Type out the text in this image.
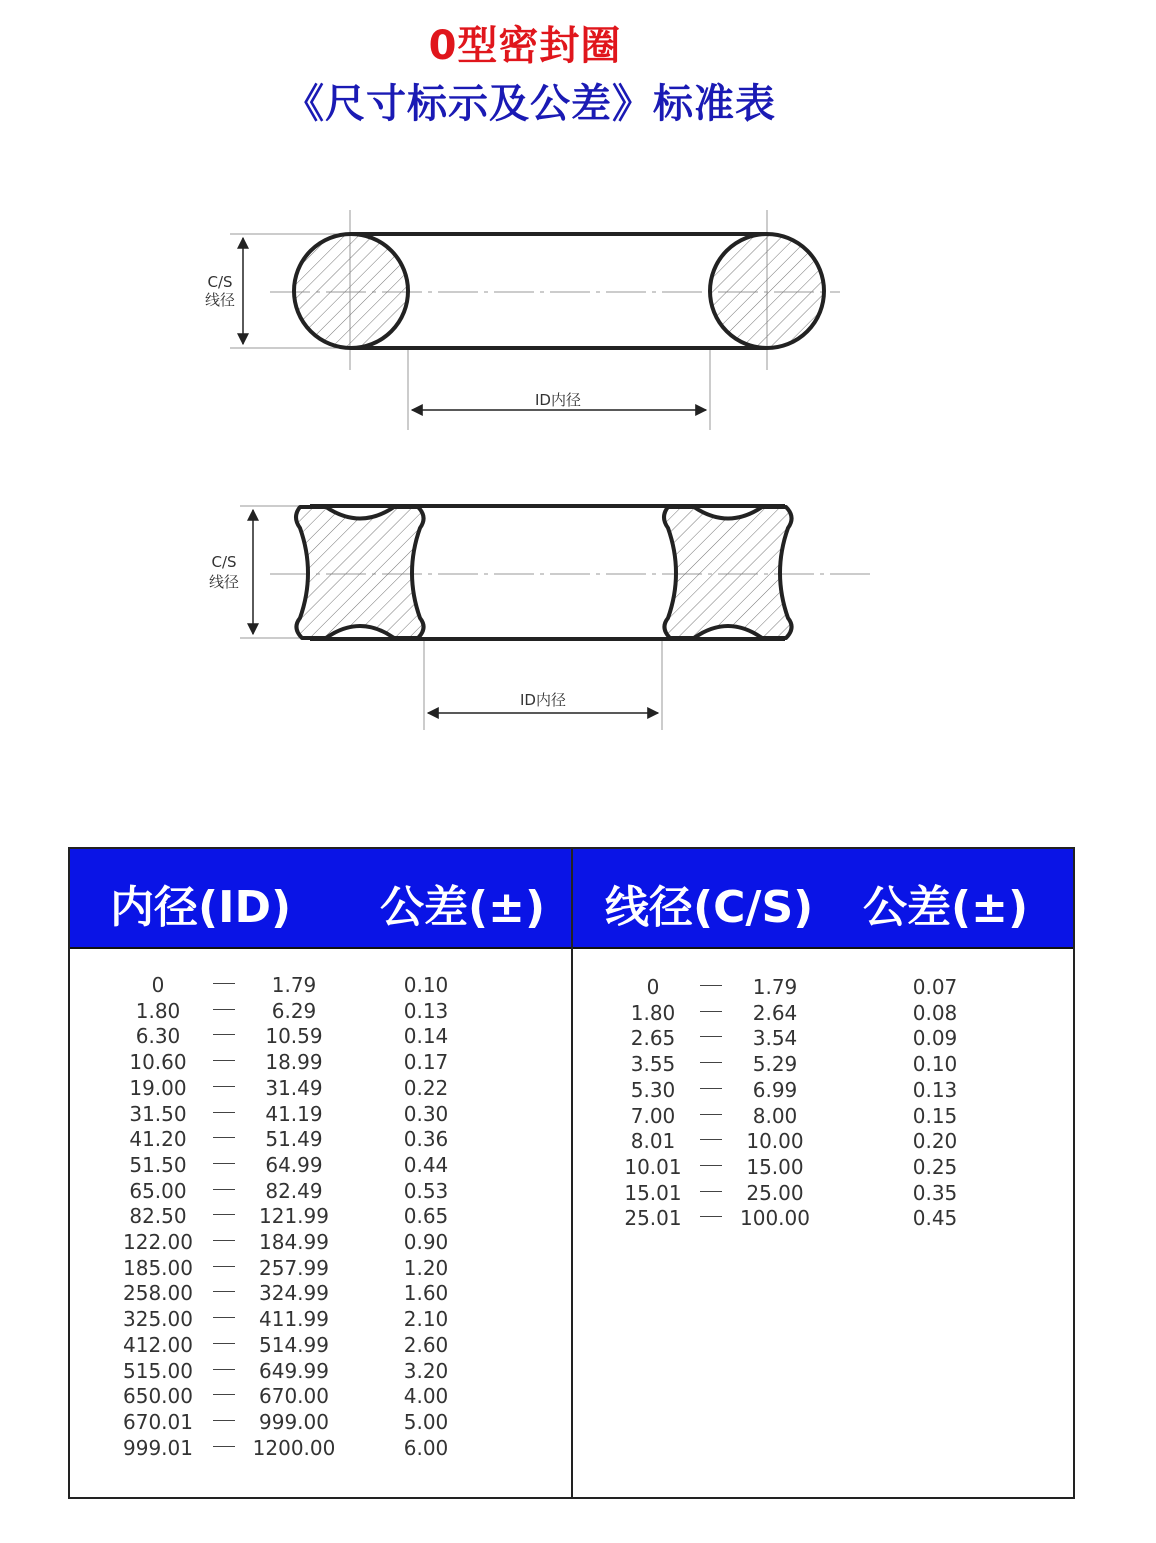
0型密封圈
《尺寸标示及公差》标准表
C/S
线径
ID内径
C/S
线径
ID内径
内径(ID) 公差(±) 线径(C/S) 公差(±)
0	1.79	0.10
1.80	6.29	0.13
6.30	10.59	0.14
10.60	18.99	0.17
19.00	31.49	0.22
31.50	41.19	0.30
41.20	51.49	0.36
51.50	64.99	0.44
65.00	82.49	0.53
82.50	121.99	0.65
122.00	184.99	0.90
185.00	257.99	1.20
258.00	324.99	1.60
325.00	411.99	2.10
412.00	514.99	2.60
515.00	649.99	3.20
650.00	670.00	4.00
670.01	999.00	5.00
999.01	1200.00	6.00
0	1.79	0.07
1.80	2.64	0.08
2.65	3.54	0.09
3.55	5.29	0.10
5.30	6.99	0.13
7.00	8.00	0.15
8.01	10.00	0.20
10.01	15.00	0.25
15.01	25.00	0.35
25.01	100.00	0.45
